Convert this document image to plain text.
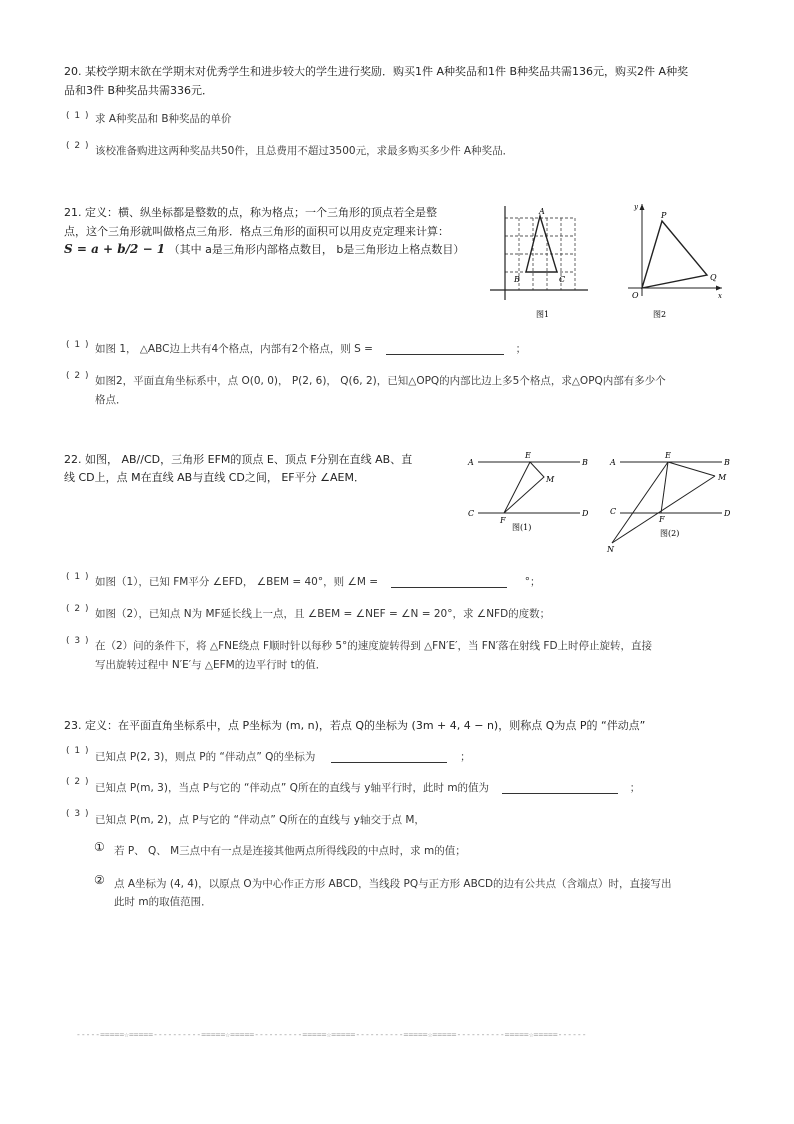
20. 某校学期末欲在学期末对优秀学生和进步较大的学生进行奖励．购买1件 A种奖品和1件 B种奖品共需136元，购买2件 A种奖
品和3件 B种奖品共需336元．
( 1 ) 求 A种奖品和 B种奖品的单价
( 2 ) 该校准备购进这两种奖品共50件，且总费用不超过3500元，求最多购买多少件 A种奖品．
21. 定义：横、纵坐标都是整数的点，称为格点；一个三角形的顶点若全是整
点，这个三角形就叫做格点三角形．格点三角形的面积可以用皮克定理来计算：
S = a + b/2 − 1 （其中 a是三角形内部格点数目， b是三角形边上格点数目）
A
B	C
图1
y
x
P
Q
O
图2
( 1 ) 如图 1， △ABC边上共有4个格点，内部有2个格点，则 S =	；
( 2 ) 如图2，平面直角坐标系中，点 O(0, 0)， P(2, 6)， Q(6, 2)，已知△OPQ的内部比边上多5个格点，求△OPQ内部有多少个
格点．
22. 如图， AB//CD，三角形 EFM的顶点 E、顶点 F分别在直线 AB、直
线 CD上，点 M在直线 AB与直线 CD之间， EF平分 ∠AEM．
A	B
C	D
E
F
M
图(1)
A	B
C	D
E
F
M
N
图(2)
( 1 ) 如图（1），已知 FM平分 ∠EFD， ∠BEM = 40°，则 ∠M =	°；
( 2 ) 如图（2），已知点 N为 MF延长线上一点，且 ∠BEM = ∠NEF = ∠N = 20°，求 ∠NFD的度数；
( 3 ) 在（2）问的条件下，将 △FNE绕点 F顺时针以每秒 5°的速度旋转得到 △FN′E′，当 FN′落在射线 FD上时停止旋转，直接
写出旋转过程中 N′E′与 △EFM的边平行时 t的值．
23. 定义：在平面直角坐标系中，点 P坐标为 (m, n)，若点 Q的坐标为 (3m + 4, 4 − n)，则称点 Q为点 P的 “伴动点”
( 1 ) 已知点 P(2, 3)，则点 P的 “伴动点” Q的坐标为	；
( 2 ) 已知点 P(m, 3)，当点 P与它的 “伴动点” Q所在的直线与 y轴平行时，此时 m的值为	；
( 3 ) 已知点 P(m, 2)，点 P与它的 “伴动点” Q所在的直线与 y轴交于点 M，
① 若 P、 Q、 M三点中有一点是连接其他两点所得线段的中点时，求 m的值；
② 点 A坐标为 (4, 4)，以原点 O为中心作正方形 ABCD，当线段 PQ与正方形 ABCD的边有公共点（含端点）时，直接写出
此时 m的取值范围．
-----=====☆=====----------=====☆=====----------=====☆=====----------=====☆=====----------=====☆=====------
